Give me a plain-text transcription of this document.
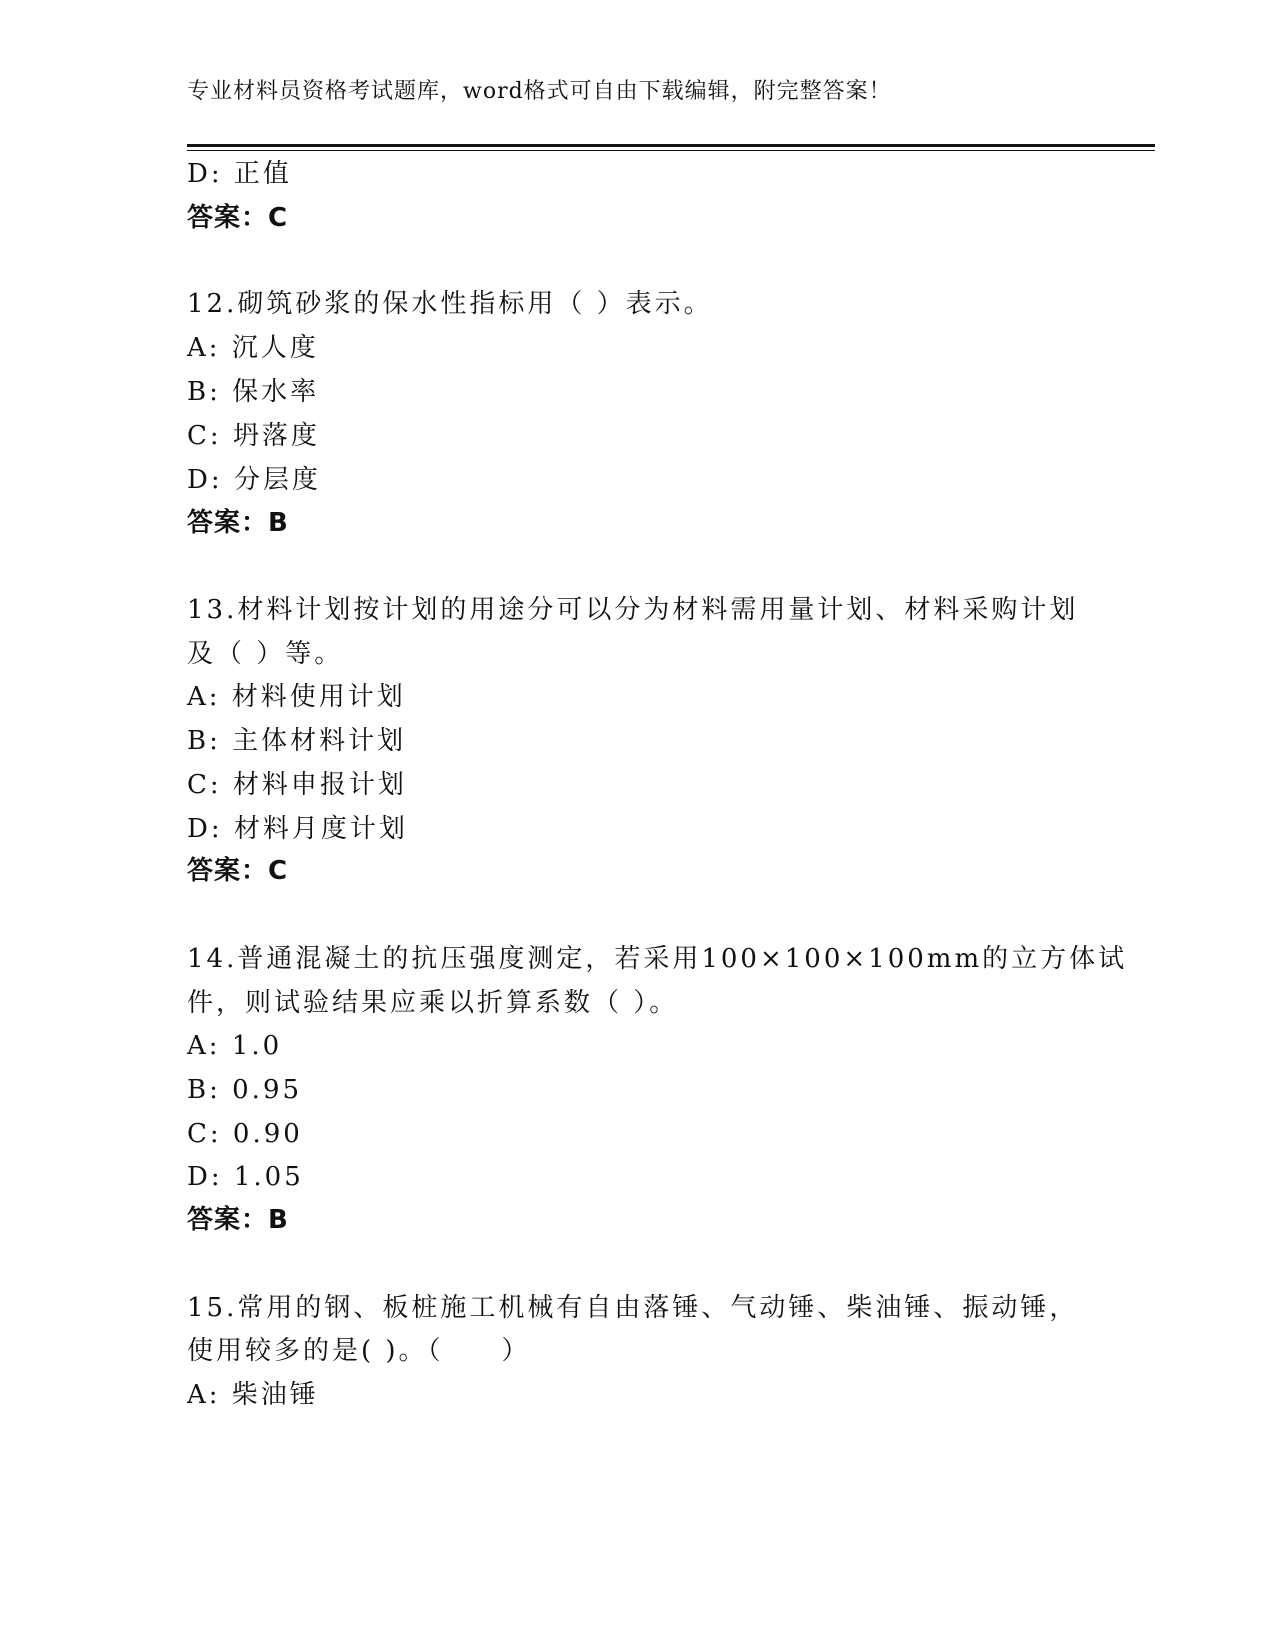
专业材料员资格考试题库，word格式可自由下载编辑，附完整答案！
D: 正值
答案：C
12.砌筑砂浆的保水性指标用（ ）表示。
A: 沉人度
B: 保水率
C: 坍落度
D: 分层度
答案：B
13.材料计划按计划的用途分可以分为材料需用量计划、材料采购计划
及（ ）等。
A: 材料使用计划
B: 主体材料计划
C: 材料申报计划
D: 材料月度计划
答案：C
14.普通混凝土的抗压强度测定，若采用100×100×100mm的立方体试
件，则试验结果应乘以折算系数（ ）。
A: 1.0
B: 0.95
C: 0.90
D: 1.05
答案：B
15.常用的钢、板桩施工机械有自由落锤、气动锤、柴油锤、振动锤，
使用较多的是( )。（　　）
A: 柴油锤
